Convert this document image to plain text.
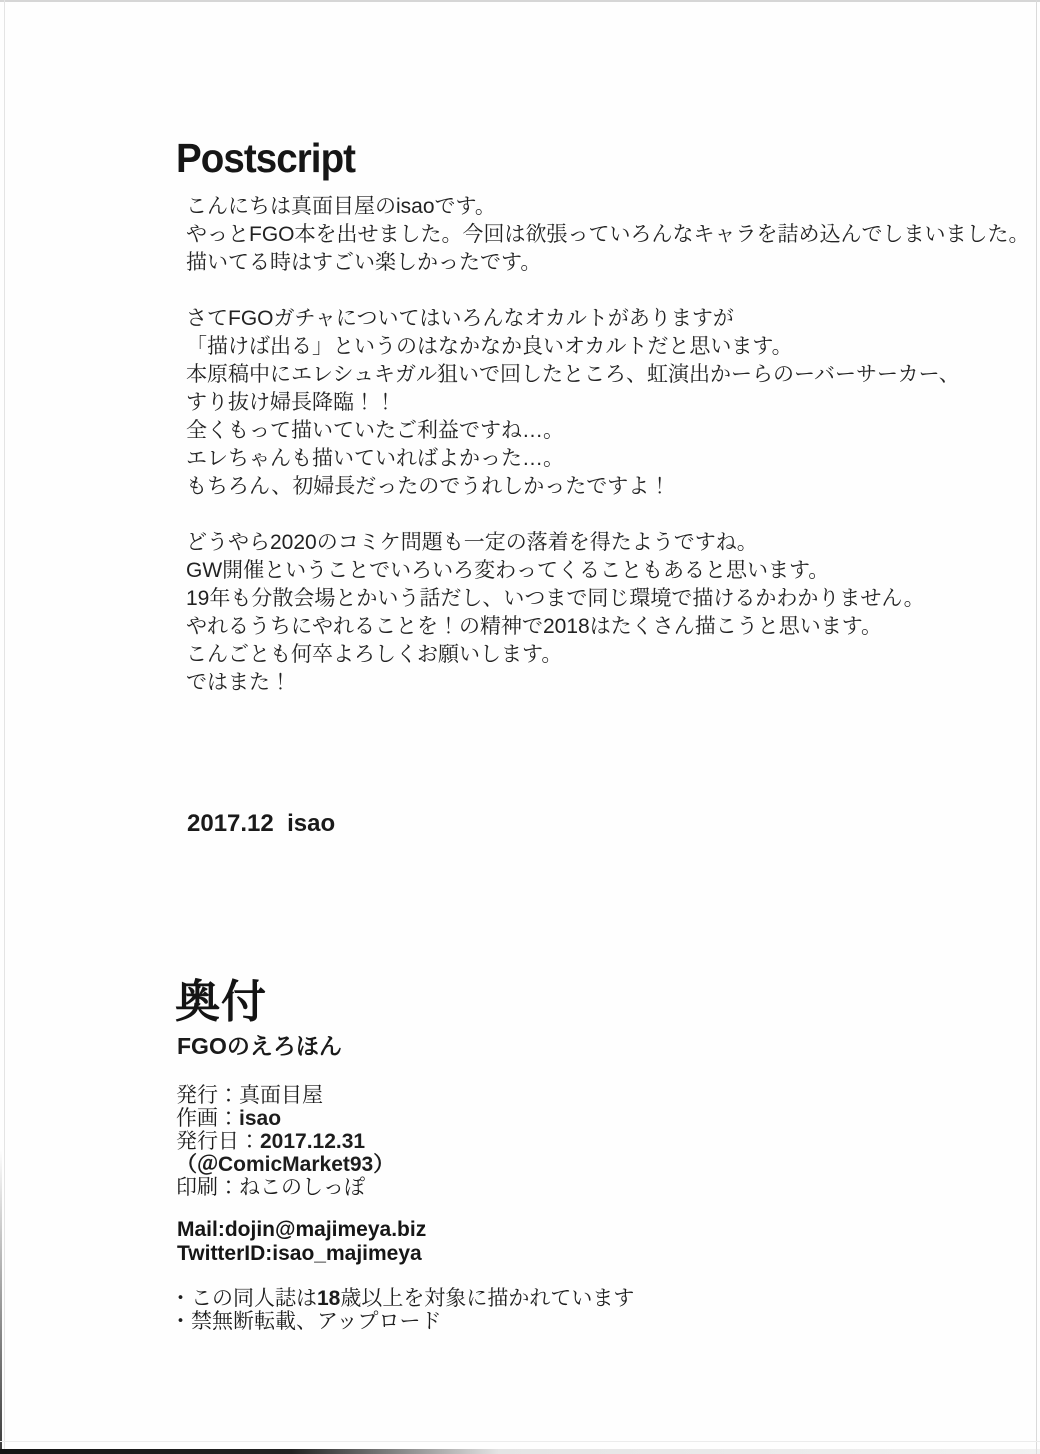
Postscript
こんにちは真面目屋のisaoです。
やっとFGO本を出せました。今回は欲張っていろんなキャラを詰め込んでしまいました。
描いてる時はすごい楽しかったです。
さてFGOガチャについてはいろんなオカルトがありますが
「描けば出る」というのはなかなか良いオカルトだと思います。
本原稿中にエレシュキガル狙いで回したところ、虹演出かーらのーバーサーカー、
すり抜け婦長降臨！！
全くもって描いていたご利益ですね…。
エレちゃんも描いていればよかった…。
もちろん、初婦長だったのでうれしかったですよ！
どうやら2020のコミケ問題も一定の落着を得たようですね。
GW開催ということでいろいろ変わってくることもあると思います。
19年も分散会場とかいう話だし、いつまで同じ環境で描けるかわかりません。
やれるうちにやれることを！の精神で2018はたくさん描こうと思います。
こんごとも何卒よろしくお願いします。
ではまた！
2017.12  isao
奥付
FGOのえろほん
発行：真面目屋
作画：isao
発行日：2017.12.31
（＠ComicMarket93）
印刷：ねこのしっぽ
Mail:dojin@majimeya.biz
TwitterID:isao_majimeya
・この同人誌は18歳以上を対象に描かれています
・禁無断転載、アップロード
